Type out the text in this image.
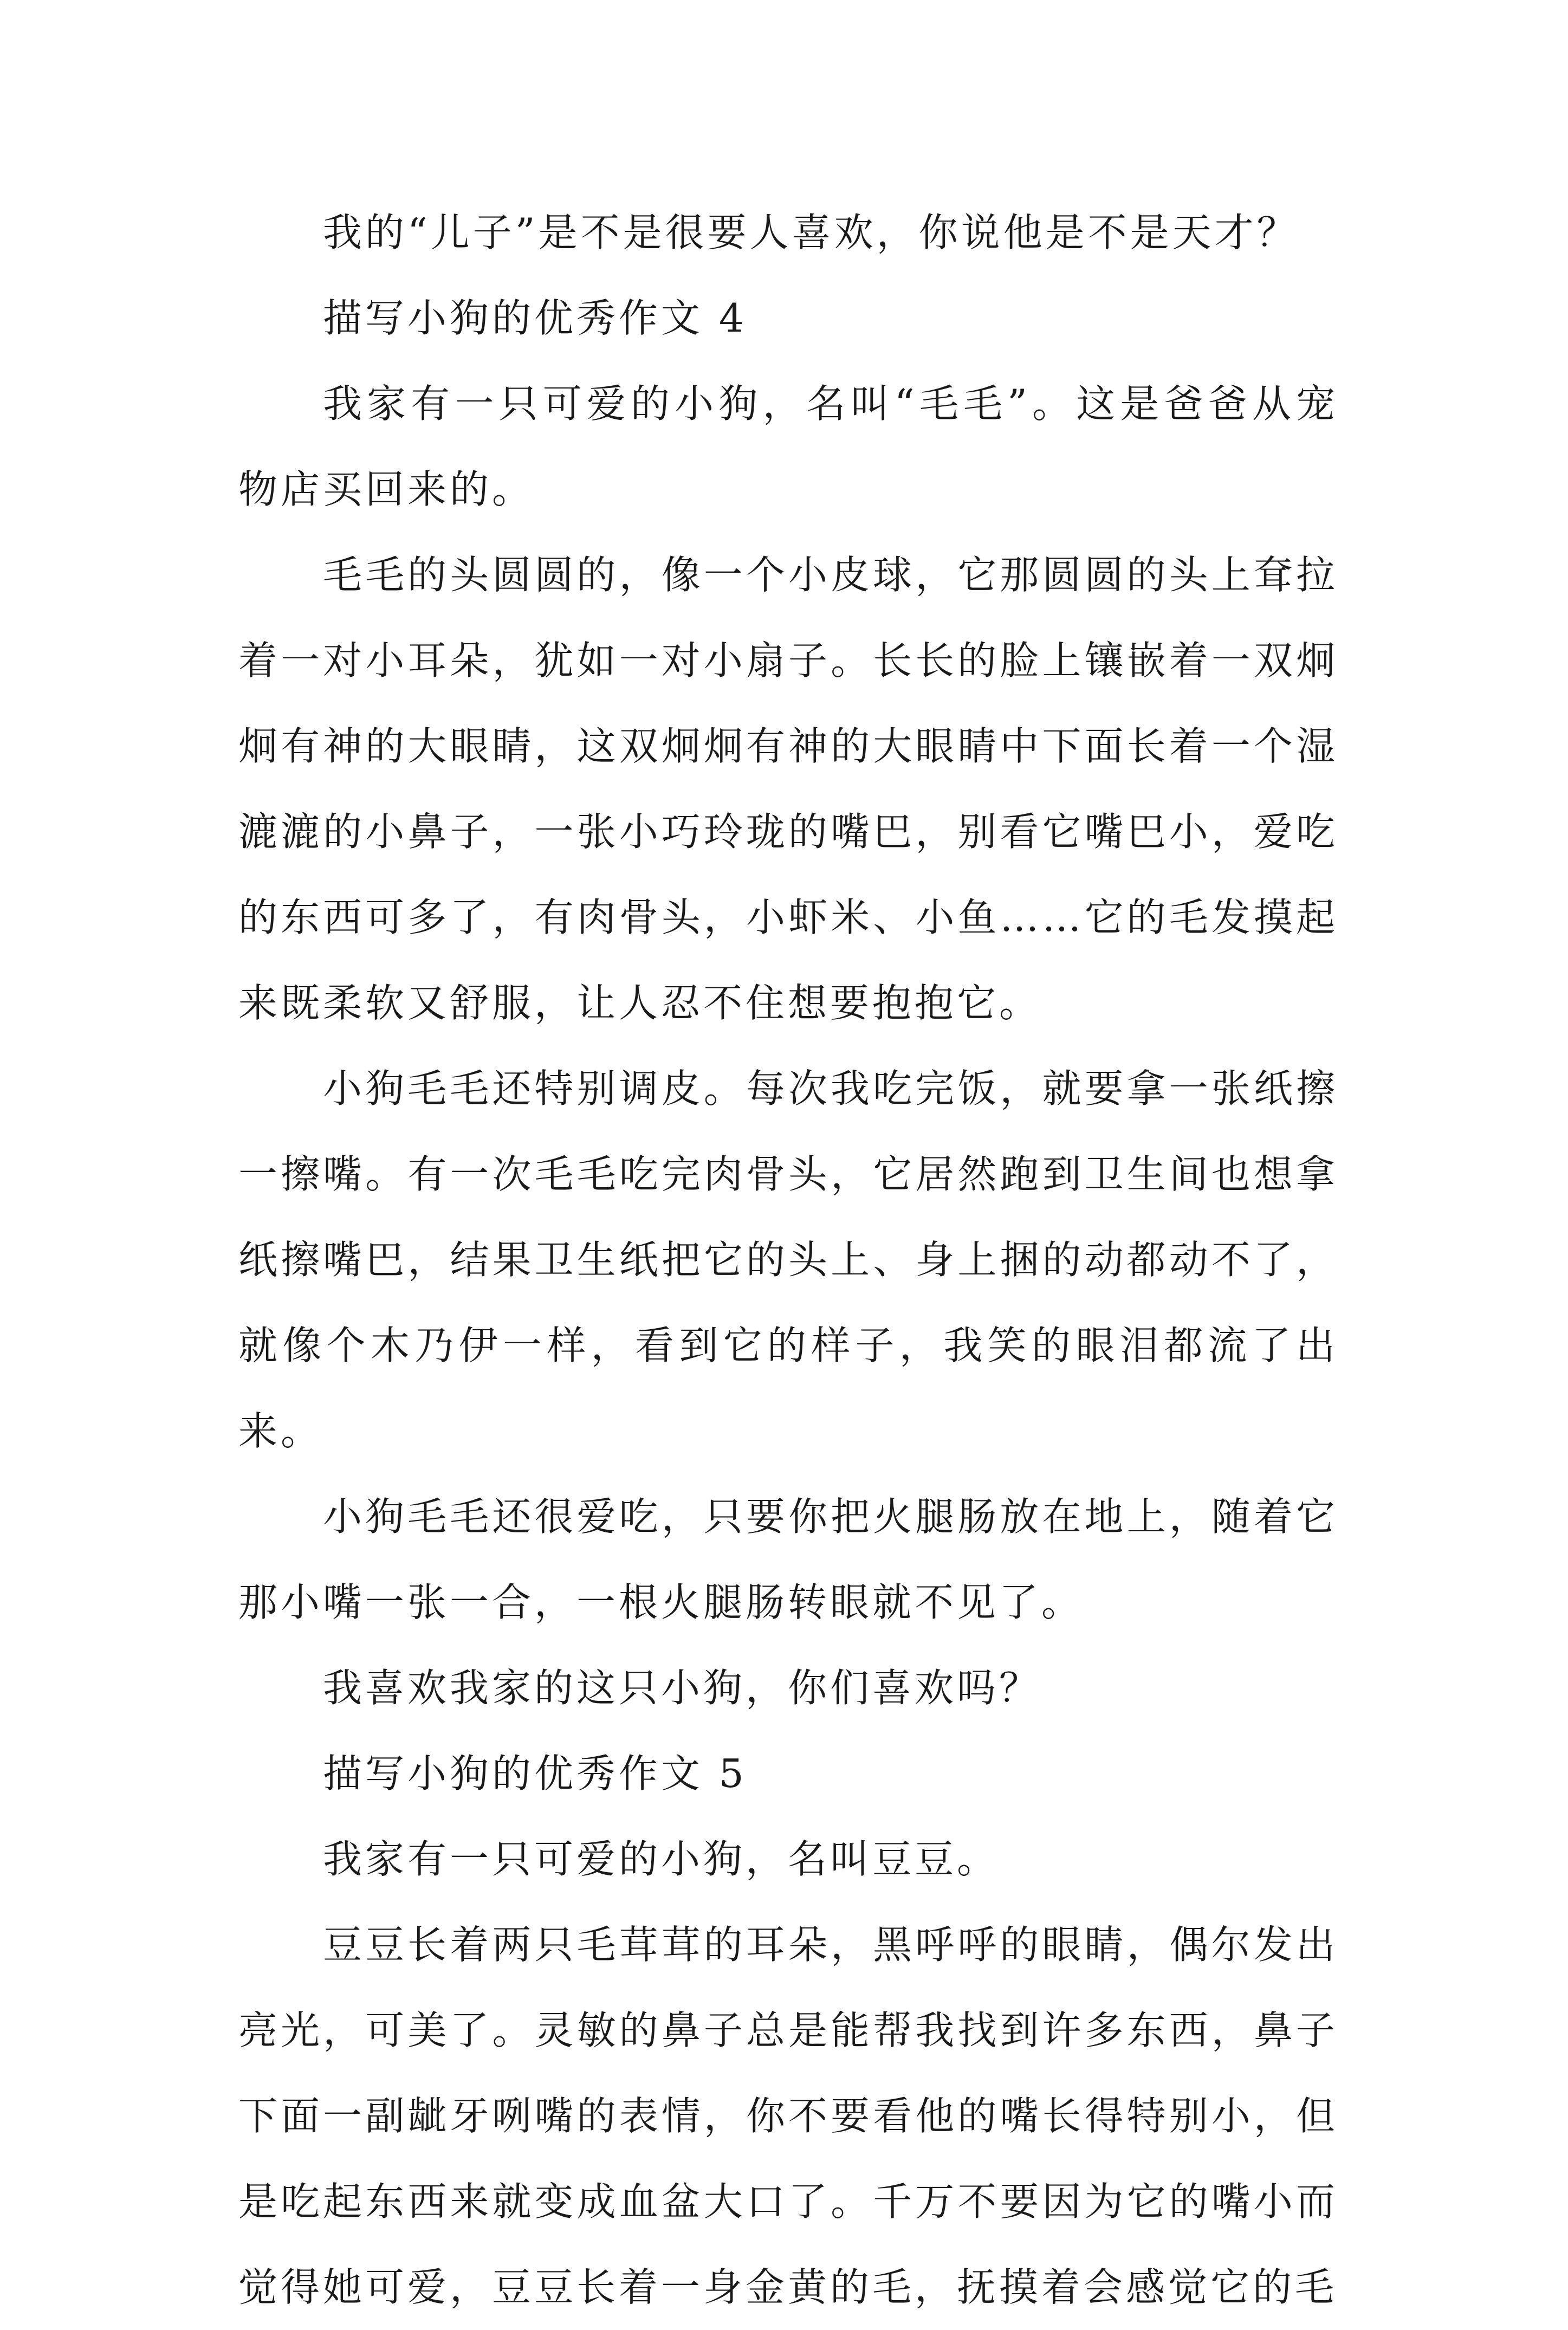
我的“儿子”是不是很要人喜欢，你说他是不是天才？

描写小狗的优秀作文 4

我家有一只可爱的小狗，名叫“毛毛”。这是爸爸从宠物店买回来的。

毛毛的头圆圆的，像一个小皮球，它那圆圆的头上耷拉着一对小耳朵，犹如一对小扇子。长长的脸上镶嵌着一双炯炯有神的大眼睛，这双炯炯有神的大眼睛中下面长着一个湿漉漉的小鼻子，一张小巧玲珑的嘴巴，别看它嘴巴小，爱吃的东西可多了，有肉骨头，小虾米、小鱼……它的毛发摸起来既柔软又舒服，让人忍不住想要抱抱它。

小狗毛毛还特别调皮。每次我吃完饭，就要拿一张纸擦一擦嘴。有一次毛毛吃完肉骨头，它居然跑到卫生间也想拿纸擦嘴巴，结果卫生纸把它的头上、身上捆的动都动不了，就像个木乃伊一样，看到它的样子，我笑的眼泪都流了出来。

小狗毛毛还很爱吃，只要你把火腿肠放在地上，随着它那小嘴一张一合，一根火腿肠转眼就不见了。

我喜欢我家的这只小狗，你们喜欢吗？

描写小狗的优秀作文 5

我家有一只可爱的小狗，名叫豆豆。

豆豆长着两只毛茸茸的耳朵，黑呼呼的眼睛，偶尔发出亮光，可美了。灵敏的鼻子总是能帮我找到许多东西，鼻子下面一副龇牙咧嘴的表情，你不要看他的嘴长得特别小，但是吃起东西来就变成血盆大口了。千万不要因为它的嘴小而觉得她可爱，豆豆长着一身金黄的毛，抚摸着会感觉它的毛
